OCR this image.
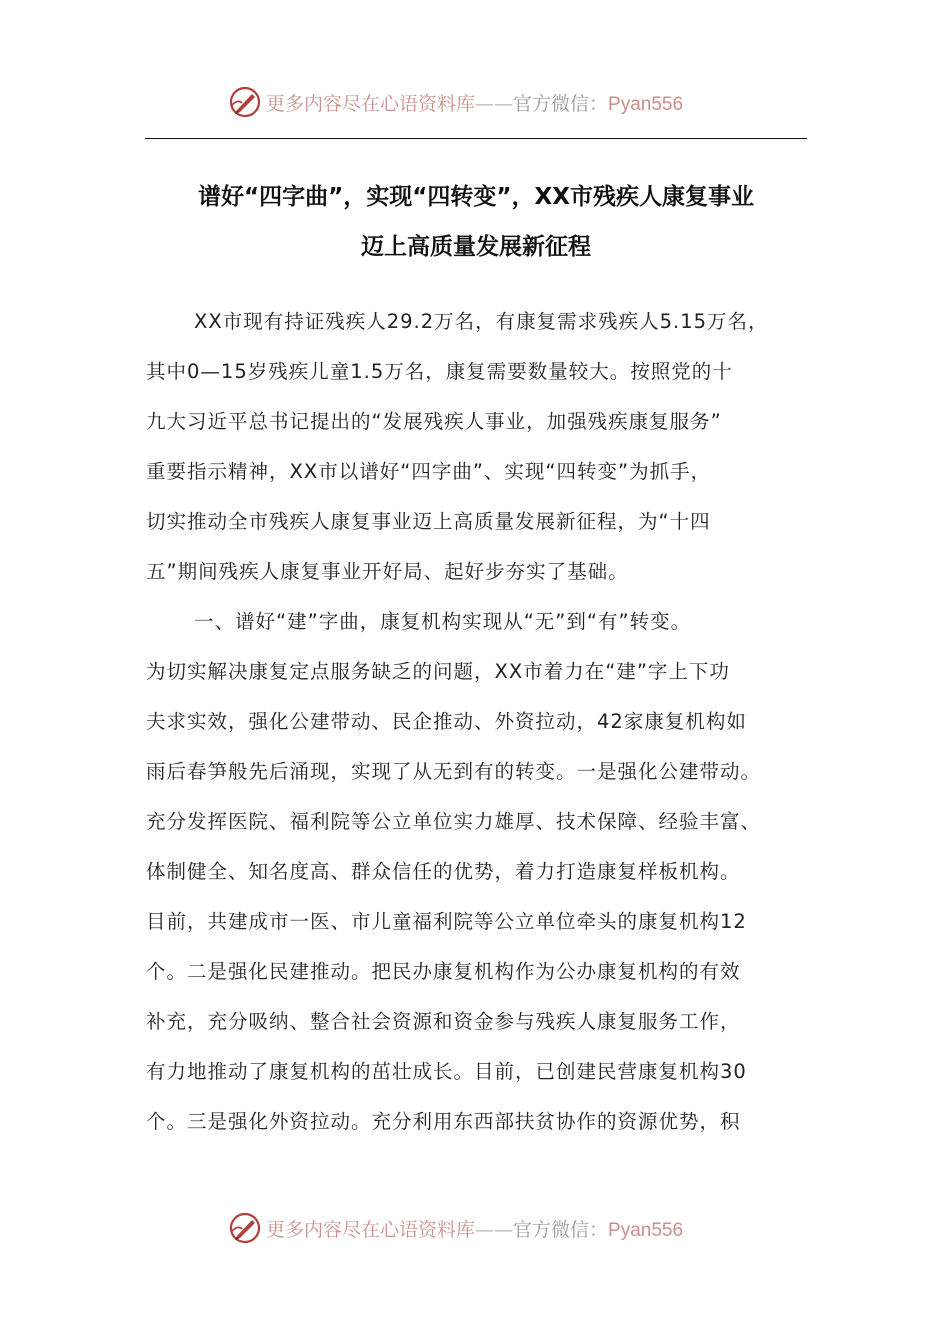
更多内容尽在心语资料库——官方微信：Pyan556
谱好“四字曲”，实现“四转变”，XX市残疾人康复事业
迈上高质量发展新征程
XX市现有持证残疾人29.2万名，有康复需求残疾人5.15万名，
其中0—15岁残疾儿童1.5万名，康复需要数量较大。按照党的十
九大习近平总书记提出的“发展残疾人事业，加强残疾康复服务”
重要指示精神，XX市以谱好“四字曲”、实现“四转变”为抓手，
切实推动全市残疾人康复事业迈上高质量发展新征程，为“十四
五”期间残疾人康复事业开好局、起好步夯实了基础。
一、谱好“建”字曲，康复机构实现从“无”到“有”转变。
为切实解决康复定点服务缺乏的问题，XX市着力在“建”字上下功
夫求实效，强化公建带动、民企推动、外资拉动，42家康复机构如
雨后春笋般先后涌现，实现了从无到有的转变。一是强化公建带动。
充分发挥医院、福利院等公立单位实力雄厚、技术保障、经验丰富、
体制健全、知名度高、群众信任的优势，着力打造康复样板机构。
目前，共建成市一医、市儿童福利院等公立单位牵头的康复机构12
个。二是强化民建推动。把民办康复机构作为公办康复机构的有效
补充，充分吸纳、整合社会资源和资金参与残疾人康复服务工作，
有力地推动了康复机构的茁壮成长。目前，已创建民营康复机构30
个。三是强化外资拉动。充分利用东西部扶贫协作的资源优势，积
更多内容尽在心语资料库——官方微信：Pyan556
